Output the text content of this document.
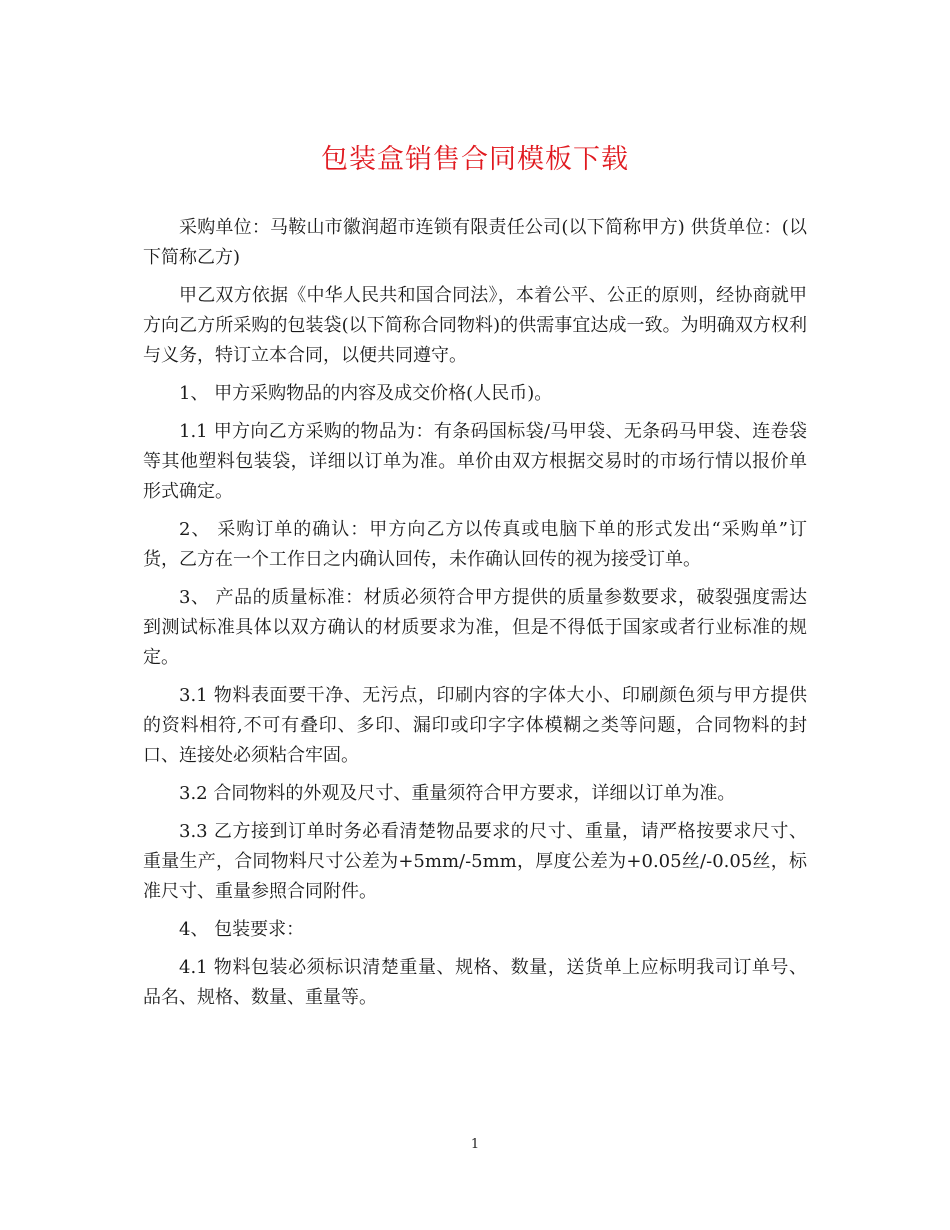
包装盒销售合同模板下载

采购单位：马鞍山市徽润超市连锁有限责任公司(以下简称甲方) 供货单位：(以下简称乙方)

甲乙双方依据《中华人民共和国合同法》，本着公平、公正的原则，经协商就甲方向乙方所采购的包装袋(以下简称合同物料)的供需事宜达成一致。为明确双方权利与义务，特订立本合同，以便共同遵守。

1、 甲方采购物品的内容及成交价格(人民币)。

1.1 甲方向乙方采购的物品为：有条码国标袋/马甲袋、无条码马甲袋、连卷袋等其他塑料包装袋，详细以订单为准。单价由双方根据交易时的市场行情以报价单形式确定。

2、 采购订单的确认：甲方向乙方以传真或电脑下单的形式发出“采购单”订货，乙方在一个工作日之内确认回传，未作确认回传的视为接受订单。

3、 产品的质量标准：材质必须符合甲方提供的质量参数要求，破裂强度需达到测试标准具体以双方确认的材质要求为准，但是不得低于国家或者行业标准的规定。

3.1 物料表面要干净、无污点，印刷内容的字体大小、印刷颜色须与甲方提供的资料相符,不可有叠印、多印、漏印或印字字体模糊之类等问题，合同物料的封口、连接处必须粘合牢固。

3.2 合同物料的外观及尺寸、重量须符合甲方要求，详细以订单为准。

3.3 乙方接到订单时务必看清楚物品要求的尺寸、重量，请严格按要求尺寸、重量生产，合同物料尺寸公差为+5mm/-5mm，厚度公差为+0.05丝/-0.05丝，标准尺寸、重量参照合同附件。

4、 包装要求：

4.1 物料包装必须标识清楚重量、规格、数量，送货单上应标明我司订单号、品名、规格、数量、重量等。

1
